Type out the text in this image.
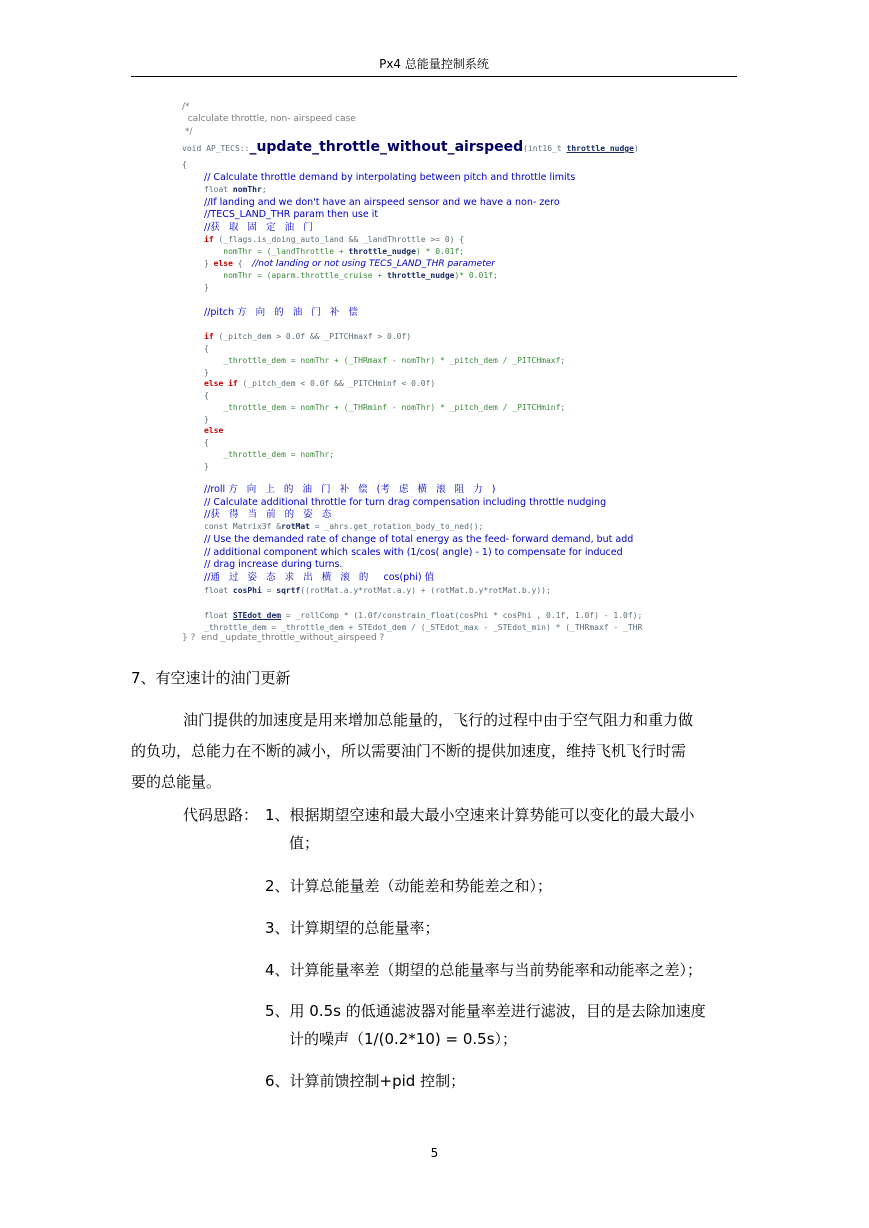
Px4 总能量控制系统
/*
calculate throttle, non- airspeed case
*/
void AP_TECS::_update_throttle_without_airspeed(int16_t throttle_nudge)
{
// Calculate throttle demand by interpolating between pitch and throttle limits
float nomThr;
//If landing and we don't have an airspeed sensor and we have a non- zero
//TECS_LAND_THR param then use it
//获   取   固   定   油   门
if (_flags.is_doing_auto_land && _landThrottle >= 0) {
nomThr = (_landThrottle + throttle_nudge) * 0.01f;
} else {  //not landing or not using TECS_LAND_THR parameter
nomThr = (aparm.throttle_cruise + throttle_nudge)* 0.01f;
}
//pitch 方   向   的   油   门   补   偿
if (_pitch_dem > 0.0f && _PITCHmaxf > 0.0f)
{
_throttle_dem = nomThr + (_THRmaxf - nomThr) * _pitch_dem / _PITCHmaxf;
}
else if (_pitch_dem < 0.0f && _PITCHminf < 0.0f)
{
_throttle_dem = nomThr + (_THRminf - nomThr) * _pitch_dem / _PITCHminf;
}
else
{
_throttle_dem = nomThr;
}
//roll 方   向   上   的   油   门   补   偿   (考   虑   横   滚   阻   力   )
// Calculate additional throttle for turn drag compensation including throttle nudging
//获   得   当   前   的   姿   态
const Matrix3f &rotMat = _ahrs.get_rotation_body_to_ned();
// Use the demanded rate of change of total energy as the feed- forward demand, but add
// additional component which scales with (1/cos( angle) - 1) to compensate for induced
// drag increase during turns.
//通   过   姿   态   求   出   横   滚   的     cos(phi) 值
float cosPhi = sqrtf((rotMat.a.y*rotMat.a.y) + (rotMat.b.y*rotMat.b.y));
float STEdot_dem = _rollComp * (1.0f/constrain_float(cosPhi * cosPhi , 0.1f, 1.0f) - 1.0f);
_throttle_dem = _throttle_dem + STEdot_dem / (_STEdot_max - _STEdot_min) * (_THRmaxf - _THR
} ?  end _update_throttle_without_airspeed ?
7、有空速计的油门更新
油门提供的加速度是用来增加总能量的，飞行的过程中由于空气阻力和重力做
的负功，总能力在不断的减小，所以需要油门不断的提供加速度，维持飞机飞行时需
要的总能量。
代码思路： 1、根据期望空速和最大最小空速来计算势能可以变化的最大最小
值；
2、计算总能量差（动能差和势能差之和）；
3、计算期望的总能量率；
4、计算能量率差（期望的总能量率与当前势能率和动能率之差）；
5、用 0.5s 的低通滤波器对能量率差进行滤波，目的是去除加速度
计的噪声（1/(0.2*10) = 0.5s）；
6、计算前馈控制+pid 控制；
5
